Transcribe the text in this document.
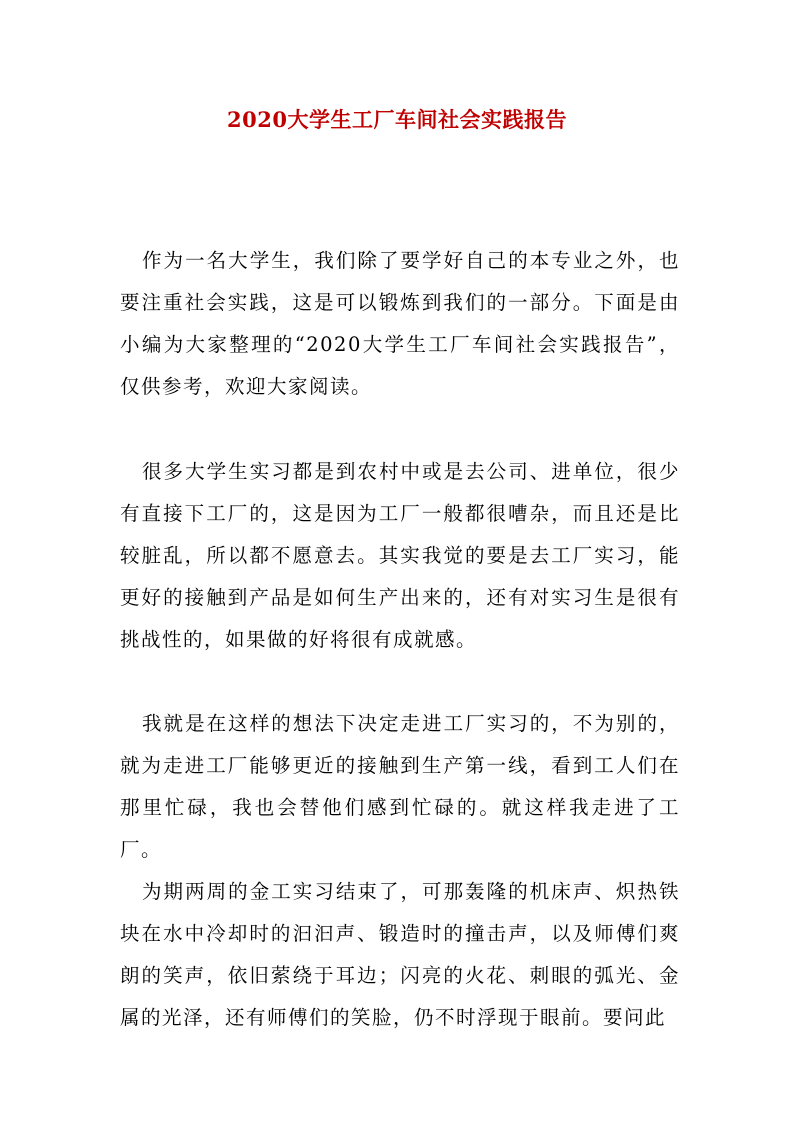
2020大学生工厂车间社会实践报告
作为一名大学生，我们除了要学好自己的本专业之外，也要注重社会实践，这是可以锻炼到我们的一部分。下面是由小编为大家整理的“2020大学生工厂车间社会实践报告”，仅供参考，欢迎大家阅读。
很多大学生实习都是到农村中或是去公司、进单位，很少有直接下工厂的，这是因为工厂一般都很嘈杂，而且还是比较脏乱，所以都不愿意去。其实我觉的要是去工厂实习，能更好的接触到产品是如何生产出来的，还有对实习生是很有挑战性的，如果做的好将很有成就感。
我就是在这样的想法下决定走进工厂实习的，不为别的，就为走进工厂能够更近的接触到生产第一线，看到工人们在那里忙碌，我也会替他们感到忙碌的。就这样我走进了工厂。
为期两周的金工实习结束了，可那轰隆的机床声、炽热铁块在水中冷却时的汩汩声、锻造时的撞击声，以及师傅们爽朗的笑声，依旧萦绕于耳边；闪亮的火花、刺眼的弧光、金属的光泽，还有师傅们的笑脸，仍不时浮现于眼前。要问此
